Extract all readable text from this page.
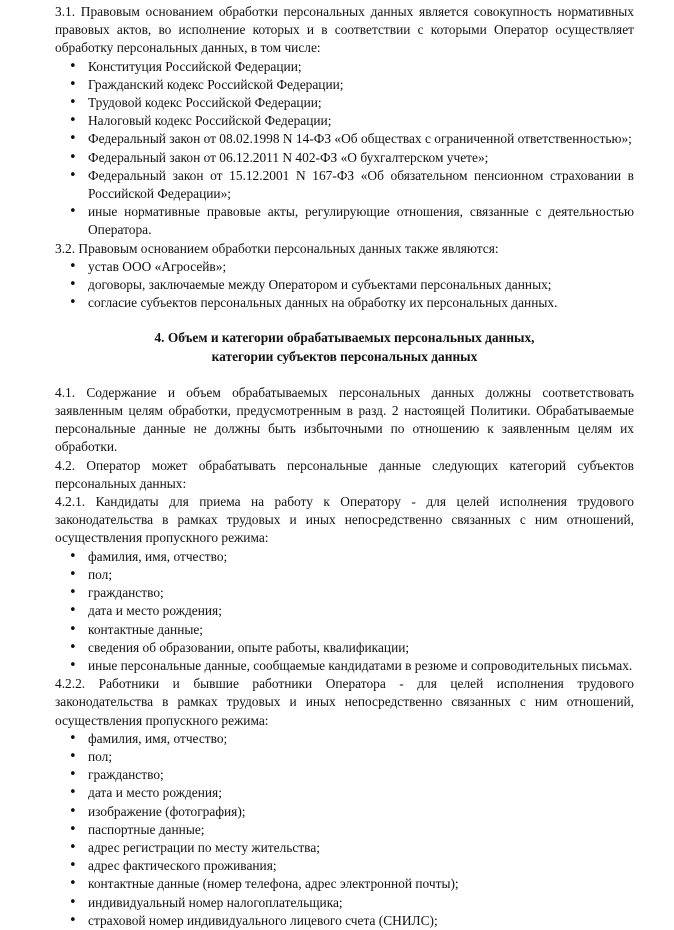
3.1. Правовым основанием обработки персональных данных является совокупность нормативных правовых актов, во исполнение которых и в соответствии с которыми Оператор осуществляет обработку персональных данных, в том числе:

• Конституция Российской Федерации;
• Гражданский кодекс Российской Федерации;
• Трудовой кодекс Российской Федерации;
• Налоговый кодекс Российской Федерации;
• Федеральный закон от 08.02.1998 N 14-ФЗ «Об обществах с ограниченной ответственностью»;
• Федеральный закон от 06.12.2011 N 402-ФЗ «О бухгалтерском учете»;
• Федеральный закон от 15.12.2001 N 167-ФЗ «Об обязательном пенсионном страховании в Российской Федерации»;
• иные нормативные правовые акты, регулирующие отношения, связанные с деятельностью Оператора.

3.2. Правовым основанием обработки персональных данных также являются:

• устав ООО «Агросейв»;
• договоры, заключаемые между Оператором и субъектами персональных данных;
• согласие субъектов персональных данных на обработку их персональных данных.
4. Объем и категории обрабатываемых персональных данных,
категории субъектов персональных данных

4.1. Содержание и объем обрабатываемых персональных данных должны соответствовать заявленным целям обработки, предусмотренным в разд. 2 настоящей Политики. Обрабатываемые персональные данные не должны быть избыточными по отношению к заявленным целям их обработки.

4.2. Оператор может обрабатывать персональные данные следующих категорий субъектов персональных данных:

4.2.1. Кандидаты для приема на работу к Оператору - для целей исполнения трудового законодательства в рамках трудовых и иных непосредственно связанных с ним отношений, осуществления пропускного режима:

• фамилия, имя, отчество;
• пол;
• гражданство;
• дата и место рождения;
• контактные данные;
• сведения об образовании, опыте работы, квалификации;
• иные персональные данные, сообщаемые кандидатами в резюме и сопроводительных письмах.

4.2.2. Работники и бывшие работники Оператора - для целей исполнения трудового законодательства в рамках трудовых и иных непосредственно связанных с ним отношений, осуществления пропускного режима:

• фамилия, имя, отчество;
• пол;
• гражданство;
• дата и место рождения;
• изображение (фотография);
• паспортные данные;
• адрес регистрации по месту жительства;
• адрес фактического проживания;
• контактные данные (номер телефона, адрес электронной почты);
• индивидуальный номер налогоплательщика;
• страховой номер индивидуального лицевого счета (СНИЛС);
